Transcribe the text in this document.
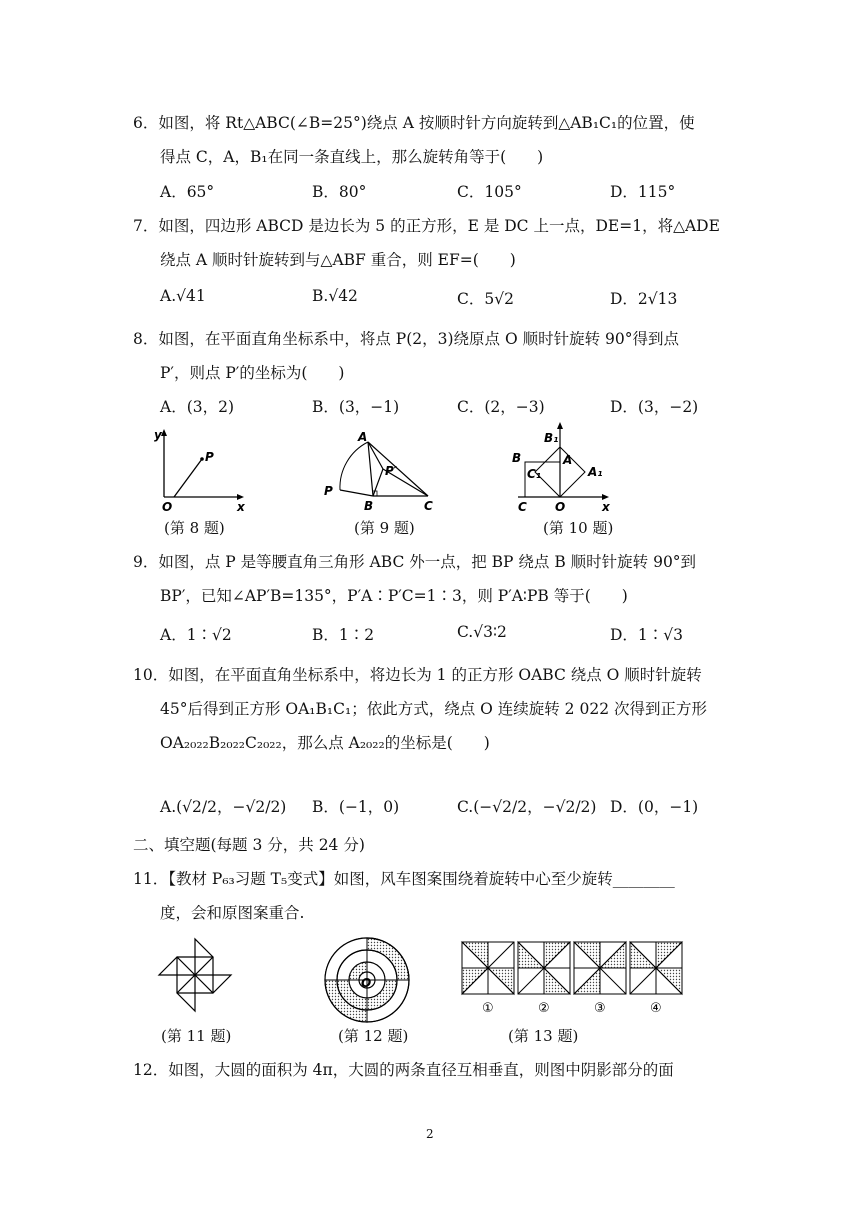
6．如图，将 Rt△ABC(∠B=25°)绕点 A 按顺时针方向旋转到△AB₁C₁的位置，使
得点 C，A，B₁在同一条直线上，那么旋转角等于(　　)
A．65°	B．80°	C．105°	D．115°
7．如图，四边形 ABCD 是边长为 5 的正方形，E 是 DC 上一点，DE=1，将△ADE
绕点 A 顺时针旋转到与△ABF 重合，则 EF=(　　)
A.√41	B.√42	C．5√2	D．2√13
8．如图，在平面直角坐标系中，将点 P(2，3)绕原点 O 顺时针旋转 90°得到点
P′，则点 P′的坐标为(　　)
A．(3，2)	B．(3，−1)	C．(2，−3)	D．(3，−2)
y
x
O
P
(第 8 题)
A
P
P′
B	C
(第 9 题)
B₁
B	A
C₁	A₁
C O	x
(第 10 题)
9．如图，点 P 是等腰直角三角形 ABC 外一点，把 BP 绕点 B 顺时针旋转 90°到
BP′，已知∠AP′B=135°，P′A∶P′C=1∶3，则 P′A∶PB 等于(　　)
A．1∶√2	B．1∶2	C.√3∶2	D．1∶√3
10．如图，在平面直角坐标系中，将边长为 1 的正方形 OABC 绕点 O 顺时针旋转
45°后得到正方形 OA₁B₁C₁；依此方式，绕点 O 连续旋转 2 022 次得到正方形
OA₂₀₂₂B₂₀₂₂C₂₀₂₂，那么点 A₂₀₂₂的坐标是(　　)
A.(√2/2，−√2/2) B．(−1，0)	C.(−√2/2，−√2/2) D．(0，−1)
二、填空题(每题 3 分，共 24 分)
11．【教材 P₆₃习题 T₅变式】如图，风车图案围绕着旋转中心至少旋转________
度，会和原图案重合.
(第 11 题)
O
(第 12 题)
①	②	③	④
(第 13 题)
12．如图，大圆的面积为 4π，大圆的两条直径互相垂直，则图中阴影部分的面
2
